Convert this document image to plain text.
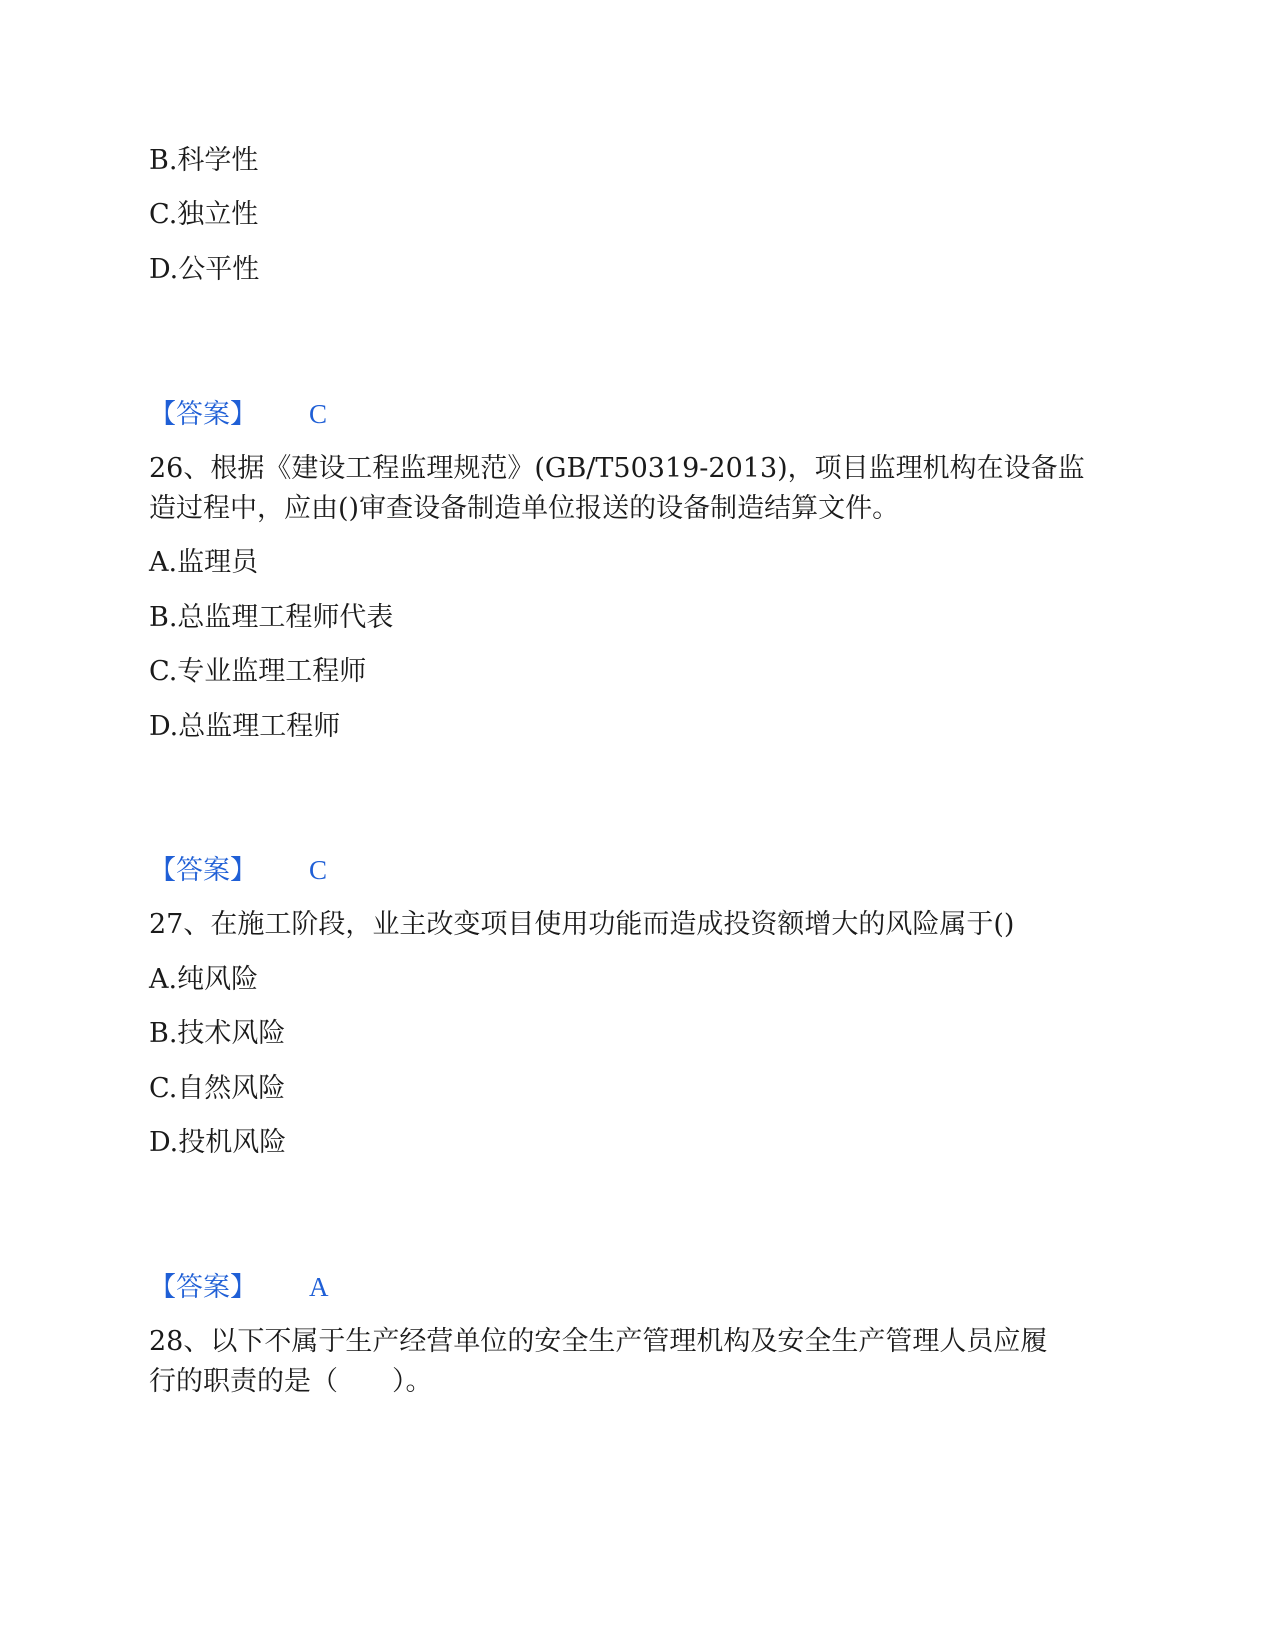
B.科学性
C.独立性
D.公平性
【答案】 C
26、根据《建设工程监理规范》(GB/T50319-2013)，项目监理机构在设备监
造过程中，应由()审查设备制造单位报送的设备制造结算文件。
A.监理员
B.总监理工程师代表
C.专业监理工程师
D.总监理工程师
【答案】 C
27、在施工阶段，业主改变项目使用功能而造成投资额增大的风险属于()
A.纯风险
B.技术风险
C.自然风险
D.投机风险
【答案】 A
28、以下不属于生产经营单位的安全生产管理机构及安全生产管理人员应履
行的职责的是（　　）。
